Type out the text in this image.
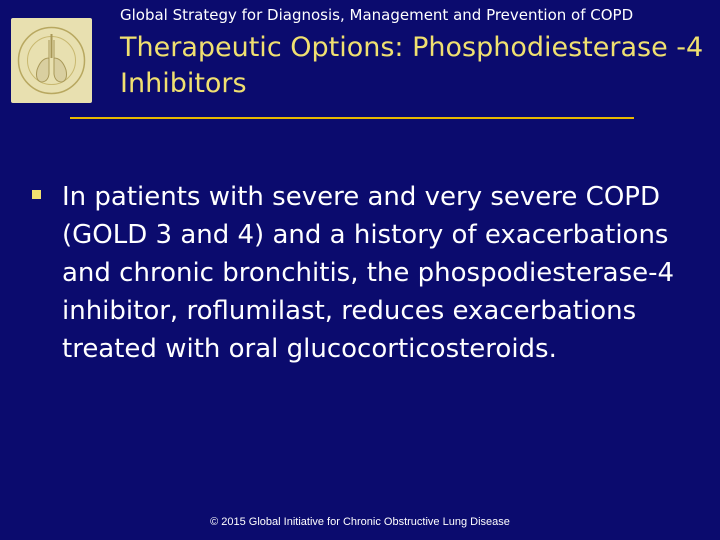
Global Strategy for Diagnosis, Management and Prevention of COPD
Therapeutic Options: Phosphodiesterase -4 Inhibitors
In patients with severe and very severe COPD (GOLD 3 and 4) and a history of exacerbations and chronic bronchitis, the phospodiesterase-4 inhibitor, roflumilast, reduces exacerbations treated with oral glucocorticosteroids.
© 2015 Global Initiative for Chronic Obstructive Lung Disease
